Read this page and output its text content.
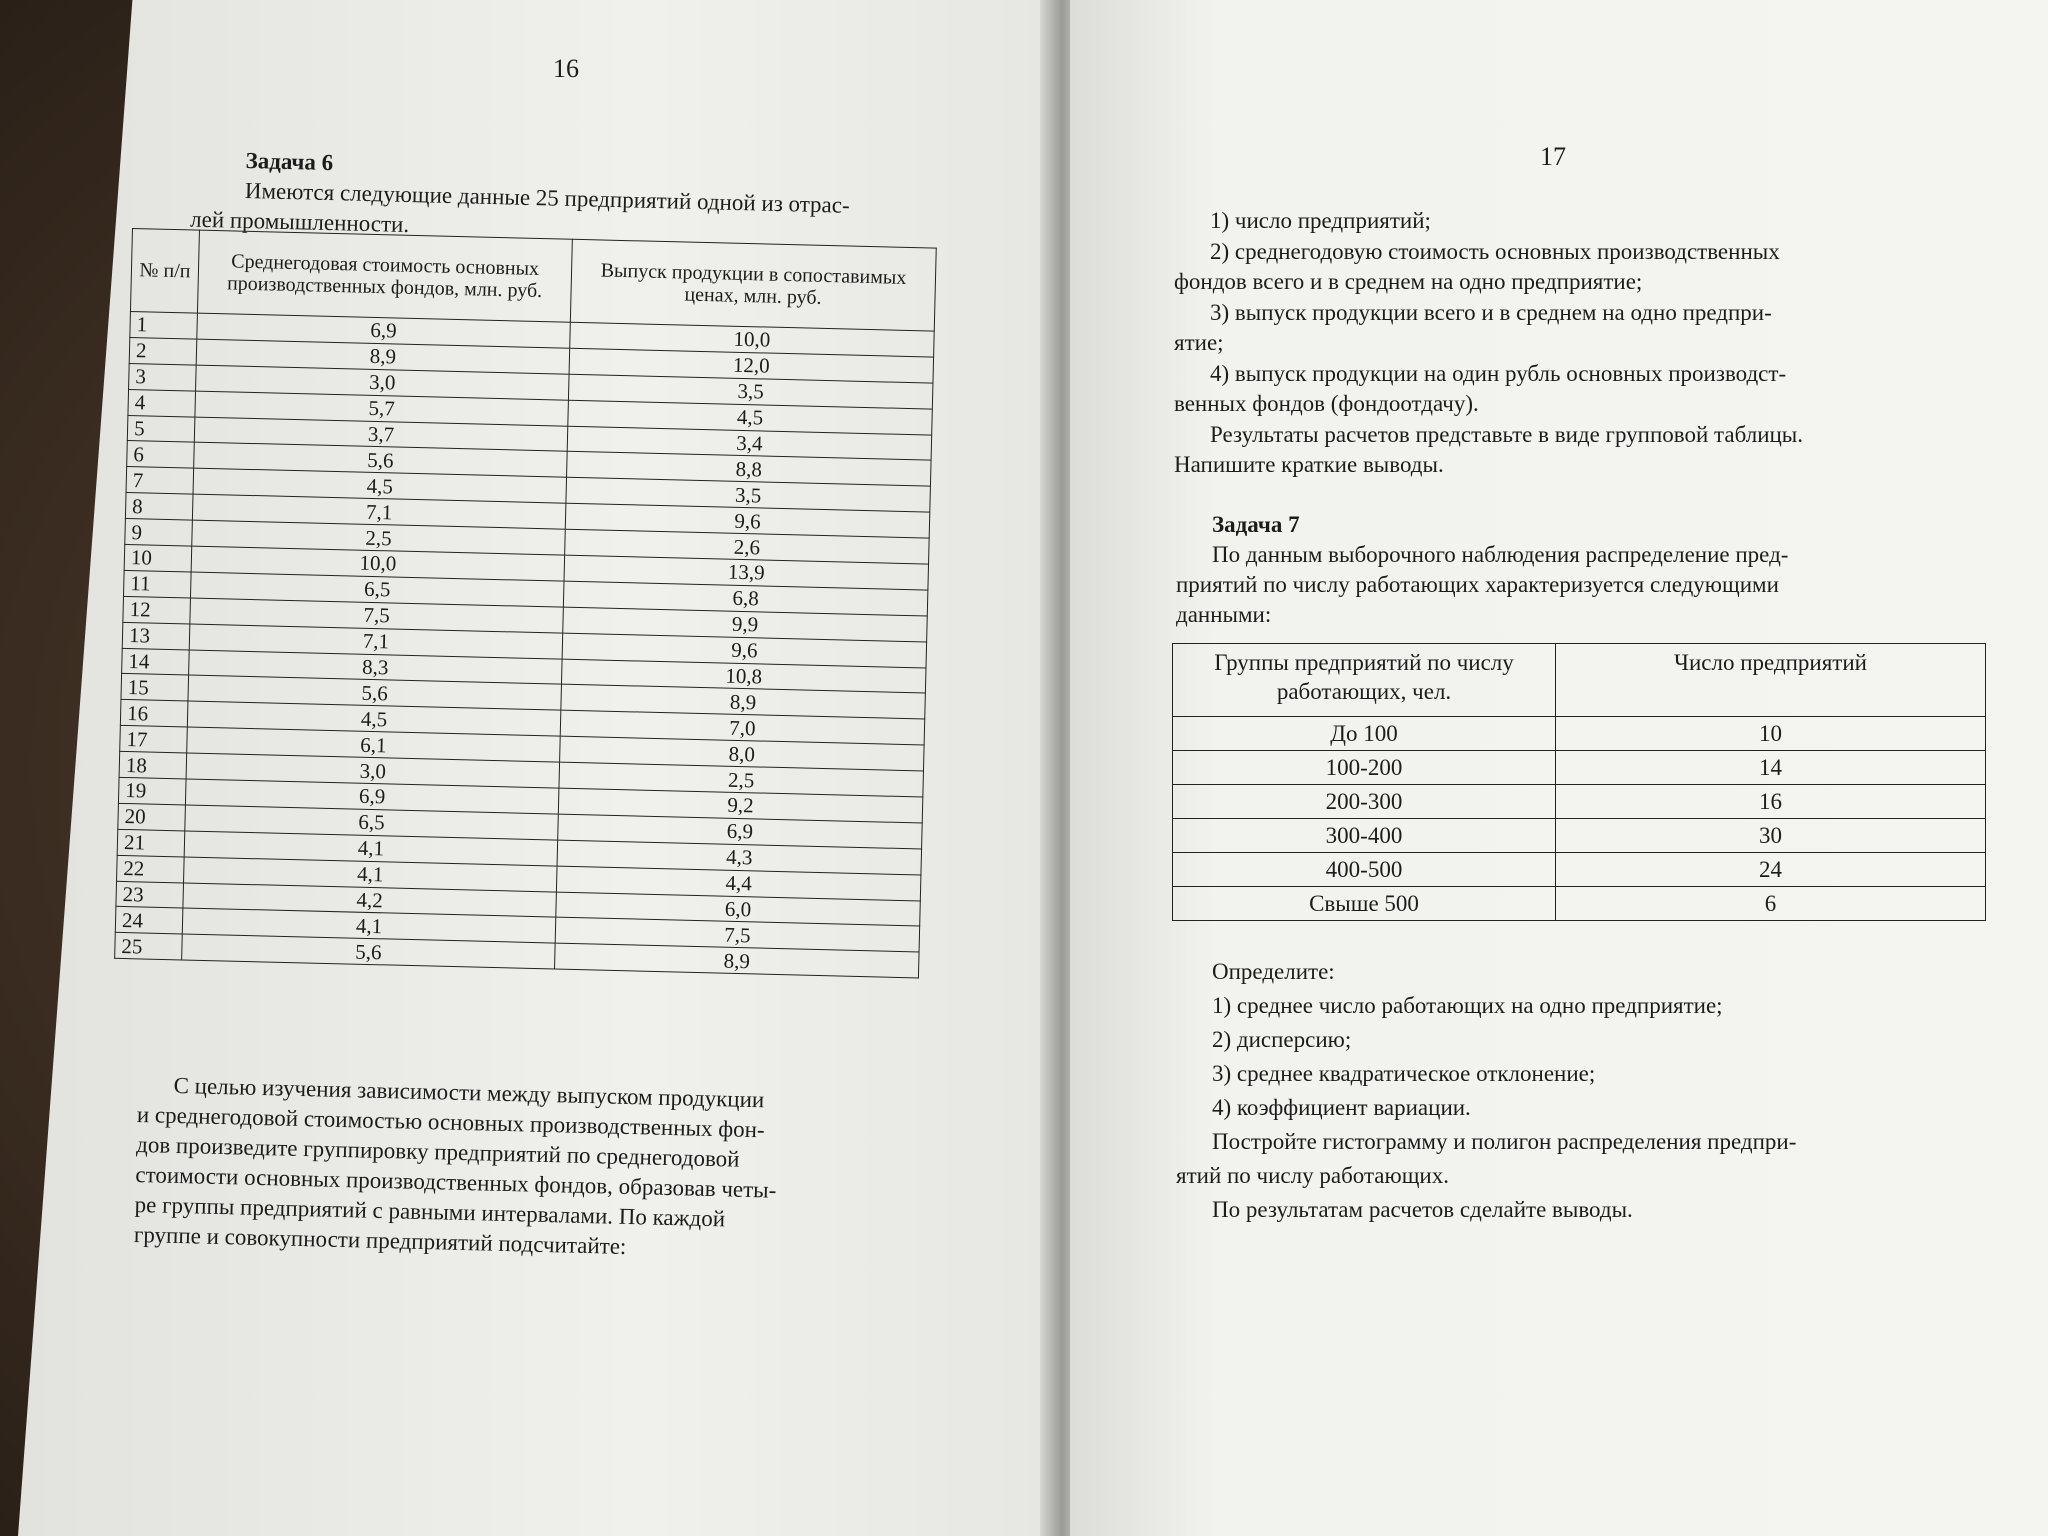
16

Задача 6

Имеются следующие данные 25 предприятий одной из отрас-

лей промышленности.

№ п/п	Среднегодовая стоимость основных производственных фондов, млн. руб.	Выпуск продукции в сопоставимых ценах, млн. руб.
1	6,9	10,0
2	8,9	12,0
3	3,0	3,5
4	5,7	4,5
5	3,7	3,4
6	5,6	8,8
7	4,5	3,5
8	7,1	9,6
9	2,5	2,6
10	10,0	13,9
11	6,5	6,8
12	7,5	9,9
13	7,1	9,6
14	8,3	10,8
15	5,6	8,9
16	4,5	7,0
17	6,1	8,0
18	3,0	2,5
19	6,9	9,2
20	6,5	6,9
21	4,1	4,3
22	4,1	4,4
23	4,2	6,0
24	4,1	7,5
25	5,6	8,9

С целью изучения зависимости между выпуском продукции

и среднегодовой стоимостью основных производственных фон-

дов произведите группировку предприятий по среднегодовой

стоимости основных производственных фондов, образовав четы-

ре группы предприятий с равными интервалами. По каждой

группе и совокупности предприятий подсчитайте:

17

1) число предприятий;

2) среднегодовую стоимость основных производственных

фондов всего и в среднем на одно предприятие;

3) выпуск продукции всего и в среднем на одно предпри-

ятие;

4) выпуск продукции на один рубль основных производст-

венных фондов (фондоотдачу).

Результаты расчетов представьте в виде групповой таблицы.

Напишите краткие выводы.

Задача 7

По данным выборочного наблюдения распределение пред-

приятий по числу работающих характеризуется следующими

данными:

Группы предприятий по числу работающих, чел.	Число предприятий
До 100	10
100-200	14
200-300	16
300-400	30
400-500	24
Свыше 500	6

Определите:

1) среднее число работающих на одно предприятие;

2) дисперсию;

3) среднее квадратическое отклонение;

4) коэффициент вариации.

Постройте гистограмму и полигон распределения предпри-

ятий по числу работающих.

По результатам расчетов сделайте выводы.
